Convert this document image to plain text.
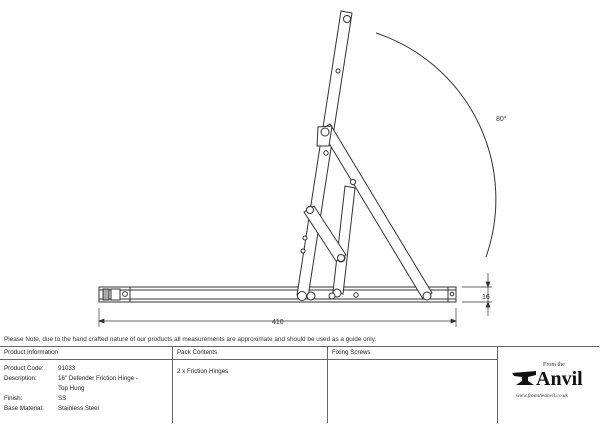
80°
410
16
Please Note, due to the hand crafted nature of our products all measurements are approximate and should be used as a guide only.
Product Information
Product Code: 91033
Description:	16" Defender Friction Hinge -
Top Hung
Finish:	SS
Base Material: Stainless Steel
Pack Contents
2 x Friction Hinges
Fixing Screws
From the
Anvil
www.fromtheanvil.co.uk
